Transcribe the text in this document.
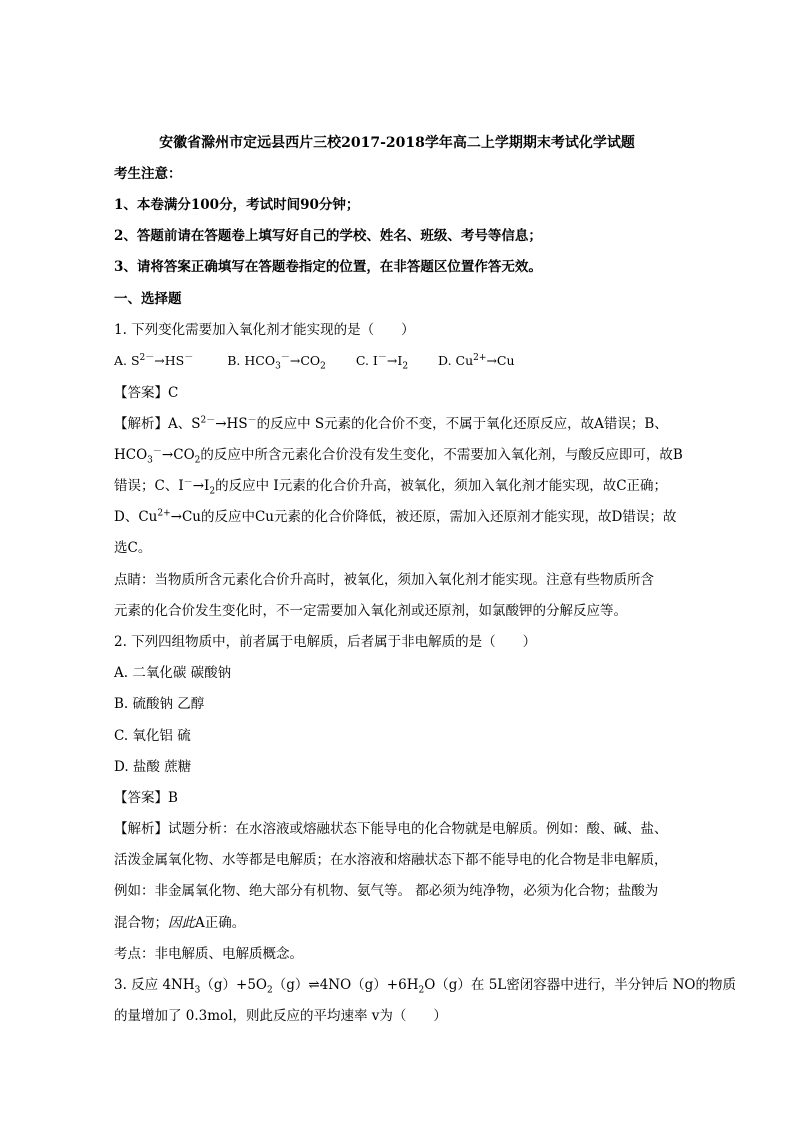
安徽省滁州市定远县西片三校2017-2018学年高二上学期期末考试化学试题
考生注意：
1、本卷满分100分，考试时间90分钟；
2、答题前请在答题卷上填写好自己的学校、姓名、班级、考号等信息；
3、请将答案正确填写在答题卷指定的位置，在非答题区位置作答无效。
一、选择题
1. 下列变化需要加入氧化剂才能实现的是（　　）
A. $S^{2-}\to HS^-$	B. $HCO_3^-\to CO_2$ C. $I^-\to I_2$ D. $Cu^{2+}\to Cu$
【答案】C
【解析】A、$S^{2-}\to HS^-$的反应中 S元素的化合价不变，不属于氧化还原反应，故A错误；B、
$HCO_3^-\to CO_2$的反应中所含元素化合价没有发生变化，不需要加入氧化剂，与酸反应即可，故B
错误；C、$I^-\to I_2$的反应中 I元素的化合价升高，被氧化，须加入氧化剂才能实现，故C正确；
D、$Cu^{2+}\to Cu$的反应中Cu元素的化合价降低，被还原，需加入还原剂才能实现，故D错误；故
选C。
点睛：当物质所含元素化合价升高时，被氧化，须加入氧化剂才能实现。注意有些物质所含
元素的化合价发生变化时，不一定需要加入氧化剂或还原剂，如氯酸钾的分解反应等。
2. 下列四组物质中，前者属于电解质，后者属于非电解质的是（　　）
A. 二氧化碳 碳酸钠
B. 硫酸钠 乙醇
C. 氧化铝 硫
D. 盐酸 蔗糖
【答案】B
【解析】试题分析：在水溶液或熔融状态下能导电的化合物就是电解质。例如：酸、碱、盐、
活泼金属氧化物、水等都是电解质；在水溶液和熔融状态下都不能导电的化合物是非电解质，
例如：非金属氧化物、绝大部分有机物、氨气等。 都必须为纯净物，必须为化合物；盐酸为
混合物；因此A正确。
考点：非电解质、电解质概念。
3. 反应 $4NH_3(g)+5O_2(g)\rightleftharpoons 4NO(g)+6H_2O(g)$在 5L密闭容器中进行，半分钟后 NO的物质
的量增加了 0.3mol，则此反应的平均速率 v为（　　）
